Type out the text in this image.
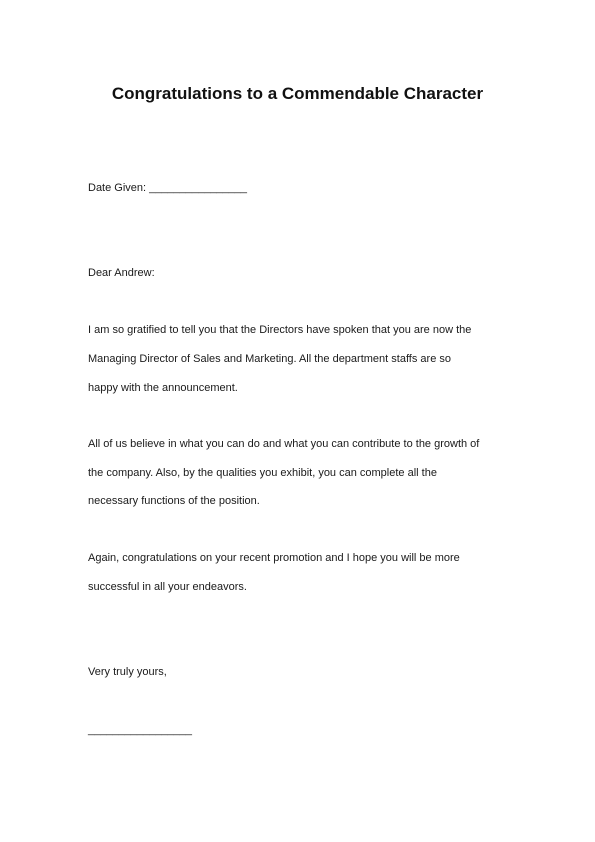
Congratulations to a Commendable Character

Date Given: ________________

Dear Andrew:

I am so gratified to tell you that the Directors have spoken that you are now the

Managing Director of Sales and Marketing. All the department staffs are so

happy with the announcement.

All of us believe in what you can do and what you can contribute to the growth of

the company. Also, by the qualities you exhibit, you can complete all the

necessary functions of the position.

Again, congratulations on your recent promotion and I hope you will be more

successful in all your endeavors.

Very truly yours,

_________________
